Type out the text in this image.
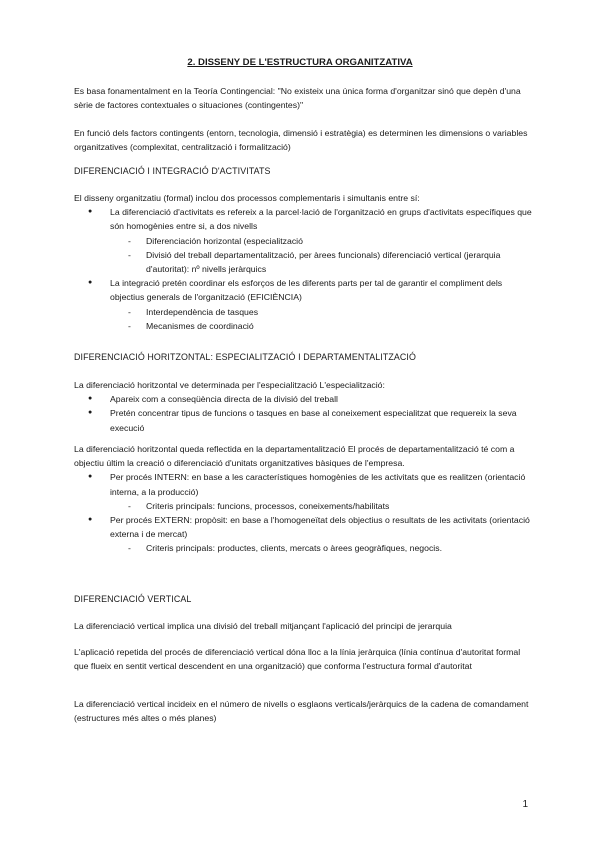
2. DISSENY DE L'ESTRUCTURA ORGANITZATIVA

Es basa fonamentalment en la Teoría Contingencial: "No existeix una única forma d'organitzar sinó que depèn d'una sèrie de factores contextuales o situaciones (contingentes)"

En funció dels factors contingents (entorn, tecnologia, dimensió i estratègia) es determinen les dimensions o variables organitzatives (complexitat, centralització i formalització)

DIFERENCIACIÓ I INTEGRACIÓ D'ACTIVITATS

El disseny organitzatiu (formal) inclou dos processos complementaris i simultanis entre sí:

● La diferenciació d'activitats es refereix a la parcel·lació de l'organització en grups d'activitats específiques que són homogènies entre si, a dos nivells
- Diferenciación horizontal (especialització
- Divisió del treball departamentalització, per àrees funcionals) diferenciació vertical (jerarquia d'autoritat): nº nivells jeràrquics
● La integració pretén coordinar els esforços de les diferents parts per tal de garantir el compliment dels objectius generals de l'organització (EFICIÈNCIA)
- Interdependència de tasques
- Mecanismes de coordinació

DIFERENCIACIÓ HORITZONTAL: ESPECIALITZACIÓ I DEPARTAMENTALITZACIÓ

La diferenciació horitzontal ve determinada per l'especialització L'especialització:

● Apareix com a conseqüència directa de la divisió del treball
● Pretén concentrar tipus de funcions o tasques en base al coneixement especialitzat que requereix la seva execució

La diferenciació horitzontal queda reflectida en la departamentalització El procés de departamentalització té com a objectiu últim la creació o diferenciació d'unitats organitzatives bàsiques de l'empresa.

● Per procés INTERN: en base a les característiques homogènies de les activitats que es realitzen (orientació interna, a la producció)
- Criteris principals: funcions, processos, coneixements/habilitats
● Per procés EXTERN: propòsit: en base a l'homogeneïtat dels objectius o resultats de les activitats (orientació externa i de mercat)
- Criteris principals: productes, clients, mercats o àrees geogràfiques, negocis.

DIFERENCIACIÓ VERTICAL

La diferenciació vertical implica una divisió del treball mitjançant l'aplicació del principi de jerarquia

L'aplicació repetida del procés de diferenciació vertical dóna lloc a la línia jeràrquica (línia contínua d'autoritat formal que flueix en sentit vertical descendent en una organització) que conforma l'estructura formal d'autoritat

La diferenciació vertical incideix en el número de nivells o esglaons verticals/jeràrquics de la cadena de comandament (estructures més altes o més planes)

1
